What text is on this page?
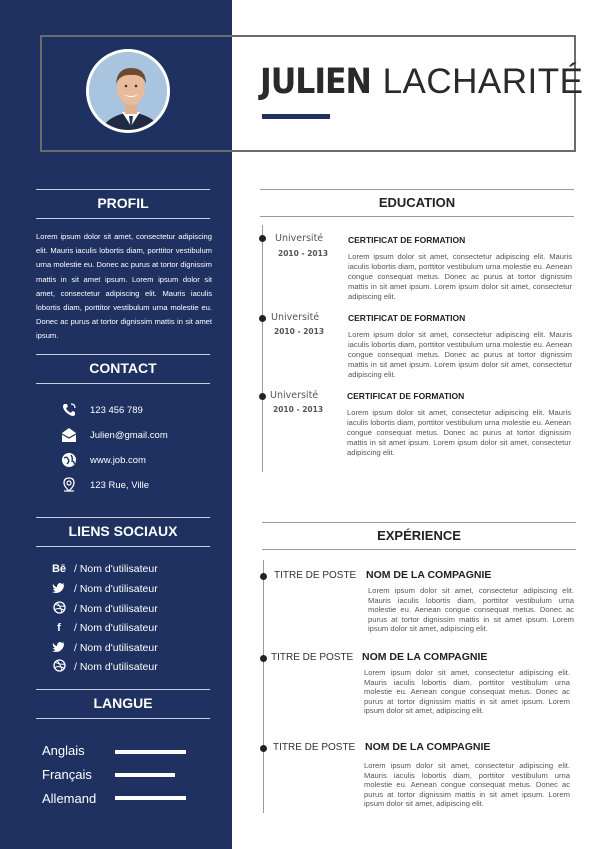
JULIEN LACHARITÉ
PROFIL
Lorem ipsum dolor sit amet, consectetur adipiscing elit. Mauris iaculis lobortis diam, porttitor vestibulum urna molestie eu. Donec ac purus at tortor dignissim mattis in sit amet ipsum. Lorem ipsum dolor sit amet, consectetur adipiscing elit. Mauris iaculis lobortis diam, porttitor vestibulum urna molestie eu. Donec ac purus at tortor dignissim mattis in sit amet ipsum.
CONTACT
123 456 789
Julien@gmail.com
www.job.com
123 Rue, Ville
LIENS SOCIAUX
Bē / Nom d'utilisateur
/ Nom d'utilisateur
/ Nom d'utilisateur
f	/ Nom d'utilisateur
/ Nom d'utilisateur
/ Nom d'utilisateur
LANGUE
Anglais
Français
Allemand
EDUCATION
Université
2010 - 2013
CERTIFICAT DE FORMATION
Lorem ipsum dolor sit amet, consectetur adipiscing elit. Mauris iaculis lobortis diam, porttitor vestibulum urna molestie eu. Aenean congue consequat metus. Donec ac purus at tortor dignissim mattis in sit amet ipsum. Lorem ipsum dolor sit amet, consectetur adipiscing elit.
Université
2010 - 2013
CERTIFICAT DE FORMATION
Lorem ipsum dolor sit amet, consectetur adipiscing elit. Mauris iaculis lobortis diam, porttitor vestibulum urna molestie eu. Aenean congue consequat metus. Donec ac purus at tortor dignissim mattis in sit amet ipsum. Lorem ipsum dolor sit amet, consectetur adipiscing elit.
Université
2010 - 2013
CERTIFICAT DE FORMATION
Lorem ipsum dolor sit amet, consectetur adipiscing elit. Mauris iaculis lobortis diam, porttitor vestibulum urna molestie eu. Aenean congue consequat metus. Donec ac purus at tortor dignissim mattis in sit amet ipsum. Lorem ipsum dolor sit amet, consectetur adipiscing elit.
EXPÉRIENCE
TITRE DE POSTE NOM DE LA COMPAGNIE
Lorem ipsum dolor sit amet, consectetur adipiscing elit. Mauris iaculis lobortis diam, porttitor vestibulum urna molestie eu. Aenean congue consequat metus. Donec ac purus at tortor dignissim mattis in sit amet ipsum. Lorem ipsum dolor sit amet, adipiscing elit.
TITRE DE POSTE NOM DE LA COMPAGNIE
Lorem ipsum dolor sit amet, consectetur adipiscing elit. Mauris iaculis lobortis diam, porttitor vestibulum urna molestie eu. Aenean congue consequat metus. Donec ac purus at tortor dignissim mattis in sit amet ipsum. Lorem ipsum dolor sit amet, adipiscing elit.
TITRE DE POSTE NOM DE LA COMPAGNIE
Lorem ipsum dolor sit amet, consectetur adipiscing elit. Mauris iaculis lobortis diam, porttitor vestibulum urna molestie eu. Aenean congue consequat metus. Donec ac purus at tortor dignissim mattis in sit amet ipsum. Lorem ipsum dolor sit amet, adipiscing elit.
